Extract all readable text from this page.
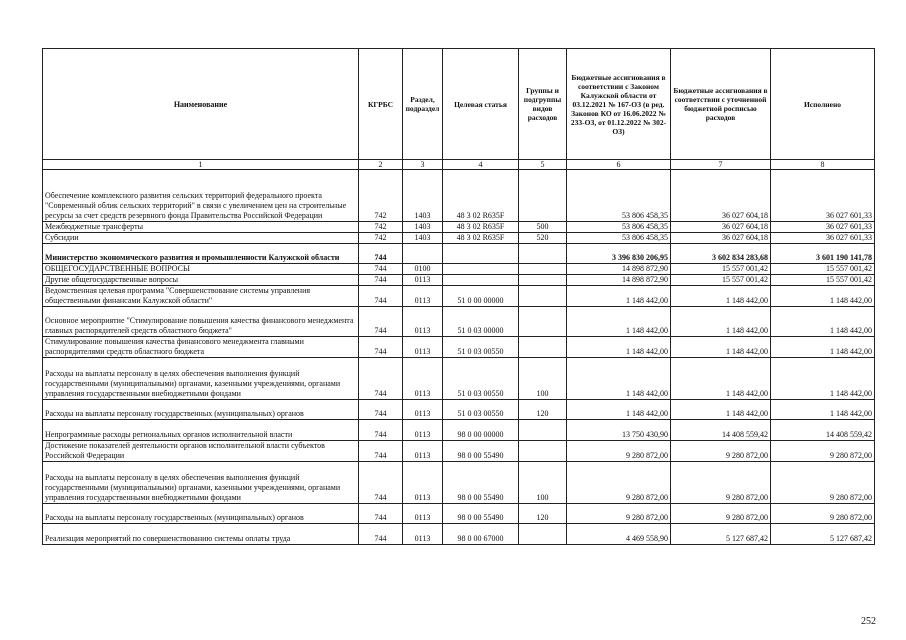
Наименование	КГРБС	Раздел, подраздел	Целевая статья	Группы и подгруппы видов расходов	Бюджетные ассигнования в соответствии с Законом Калужской области от 03.12.2021 № 167-ОЗ (в ред. Законов КО от 16.06.2022 № 233-ОЗ, от 01.12.2022 № 302-ОЗ)	Бюджетные ассигнования в соответствии с уточненной бюджетной росписью расходов	Исполнено
1	2	3	4	5	6	7	8
Обеспечение комплексного развития сельских территорий федерального проекта "Современный облик сельских территорий" в связи с увеличением цен на строительные ресурсы за счет средств резервного фонда Правительства Российской Федерации	742	1403	48 3 02 R635F		53 806 458,35	36 027 604,18	36 027 601,33
Межбюджетные трансферты	742	1403	48 3 02 R635F	500	53 806 458,35	36 027 604,18	36 027 601,33
Субсидии	742	1403	48 3 02 R635F	520	53 806 458,35	36 027 604,18	36 027 601,33
Министерство экономического развития и промышленности Калужской области	744				3 396 830 206,95	3 602 834 283,68	3 601 190 141,78
ОБЩЕГОСУДАРСТВЕННЫЕ ВОПРОСЫ	744	0100			14 898 872,90	15 557 001,42	15 557 001,42
Другие общегосударственные вопросы	744	0113			14 898 872,90	15 557 001,42	15 557 001,42
Ведомственная целевая программа "Совершенствование системы управления общественными финансами Калужской области"	744	0113	51 0 00 00000		1 148 442,00	1 148 442,00	1 148 442,00
Основное мероприятие "Стимулирование повышения качества финансового менеджмента главных распорядителей средств областного бюджета"	744	0113	51 0 03 00000		1 148 442,00	1 148 442,00	1 148 442,00
Стимулирование повышения качества финансового менеджмента главными распорядителями средств областного бюджета	744	0113	51 0 03 00550		1 148 442,00	1 148 442,00	1 148 442,00
Расходы на выплаты персоналу в целях обеспечения выполнения функций государственными (муниципальными) органами, казенными учреждениями, органами управления государственными внебюджетными фондами	744	0113	51 0 03 00550	100	1 148 442,00	1 148 442,00	1 148 442,00
Расходы на выплаты персоналу государственных (муниципальных) органов	744	0113	51 0 03 00550	120	1 148 442,00	1 148 442,00	1 148 442,00
Непрограммные расходы региональных органов исполнительной власти	744	0113	98 0 00 00000		13 750 430,90	14 408 559,42	14 408 559,42
Достижение показателей деятельности органов исполнительной власти субъектов Российской Федерации	744	0113	98 0 00 55490		9 280 872,00	9 280 872,00	9 280 872,00
Расходы на выплаты персоналу в целях обеспечения выполнения функций государственными (муниципальными) органами, казенными учреждениями, органами управления государственными внебюджетными фондами	744	0113	98 0 00 55490	100	9 280 872,00	9 280 872,00	9 280 872,00
Расходы на выплаты персоналу государственных (муниципальных) органов	744	0113	98 0 00 55490	120	9 280 872,00	9 280 872,00	9 280 872,00
Реализация мероприятий по совершенствованию системы оплаты труда	744	0113	98 0 00 67000		4 469 558,90	5 127 687,42	5 127 687,42
252
